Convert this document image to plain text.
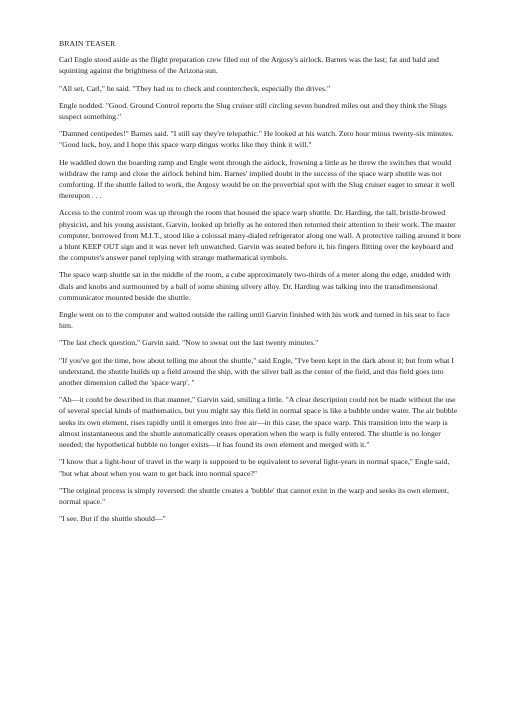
BRAIN TEASER

Carl Engle stood aside as the flight preparation crew filed out of the Argosy's airlock. Barnes was the last; fat and bald and squinting against the brightness of the Arizona sun.

"All set, Carl," he said. "They had us to check and countercheck, especially the drives."

Engle nodded. "Good. Ground Control reports the Slug cruiser still circling seven hundred miles out and they think the Slugs suspect something."

"Damned centipedes!" Barnes said. "I still say they're telepathic." He looked at his watch. Zero hour minus twenty-six minutes. "Good luck, boy, and I hope this space warp dingus works like they think it will."

He waddled down the boarding ramp and Engle went through the airlock, frowning a little as he threw the switches that would withdraw the ramp and close the airlock behind him. Barnes' implied doubt in the success of the space warp shuttle was not comforting. If the shuttle failed to work, the Argosy would be on the proverbial spot with the Slug cruiser eager to smear it well thereupon . . .

Access to the control room was up through the room that housed the space warp shuttle. Dr. Harding, the tall, bristle-browed physicist, and his young assistant, Garvin, looked up briefly as he entered then returned their attention to their work. The master computer, borrowed from M.I.T., stood like a colossal many-dialed refrigerator along one wall. A protective railing around it bore a blunt KEEP OUT sign and it was never left unwatched. Garvin was seated before it, his fingers flitting over the keyboard and the computer's answer panel replying with strange mathematical symbols.

The space warp shuttle sat in the middle of the room, a cube approximately two-thirds of a meter along the edge, studded with dials and knobs and surmounted by a ball of some shining silvery alloy. Dr. Harding was talking into the transdimensional communicator mounted beside the shuttle.

Engle went on to the computer and waited outside the railing until Garvin finished with his work and turned in his seat to face him.

"The last check question," Garvin said. "Now to sweat out the last twenty minutes."

"If you've got the time, how about telling me about the shuttle," said Engle, "I've been kept in the dark about it; but from what I understand, the shuttle builds up a field around the ship, with the silver ball as the center of the field, and this field goes into another dimension called the 'space warp'. "

"Ah—it could be described in that manner," Garvin said, smiling a little. "A clear description could not be made without the use of several special kinds of mathematics, but you might say this field in normal space is like a bubble under water. The air bubble seeks its own element, rises rapidly until it emerges into free air—in this case, the space warp. This transition into the warp is almost instantaneous and the shuttle automatically ceases operation when the warp is fully entered. The shuttle is no longer needed; the hypothetical bubble no longer exists—it has found its own element and merged with it."

"I know that a light-hour of travel in the warp is supposed to be equivalent to several light-years in normal space," Engle said, "but what about when you want to get back into normal space?"

"The original process is simply reversed: the shuttle creates a 'bubble' that cannot exist in the warp and seeks its own element, normal space."

"I see. But if the shuttle should—"
